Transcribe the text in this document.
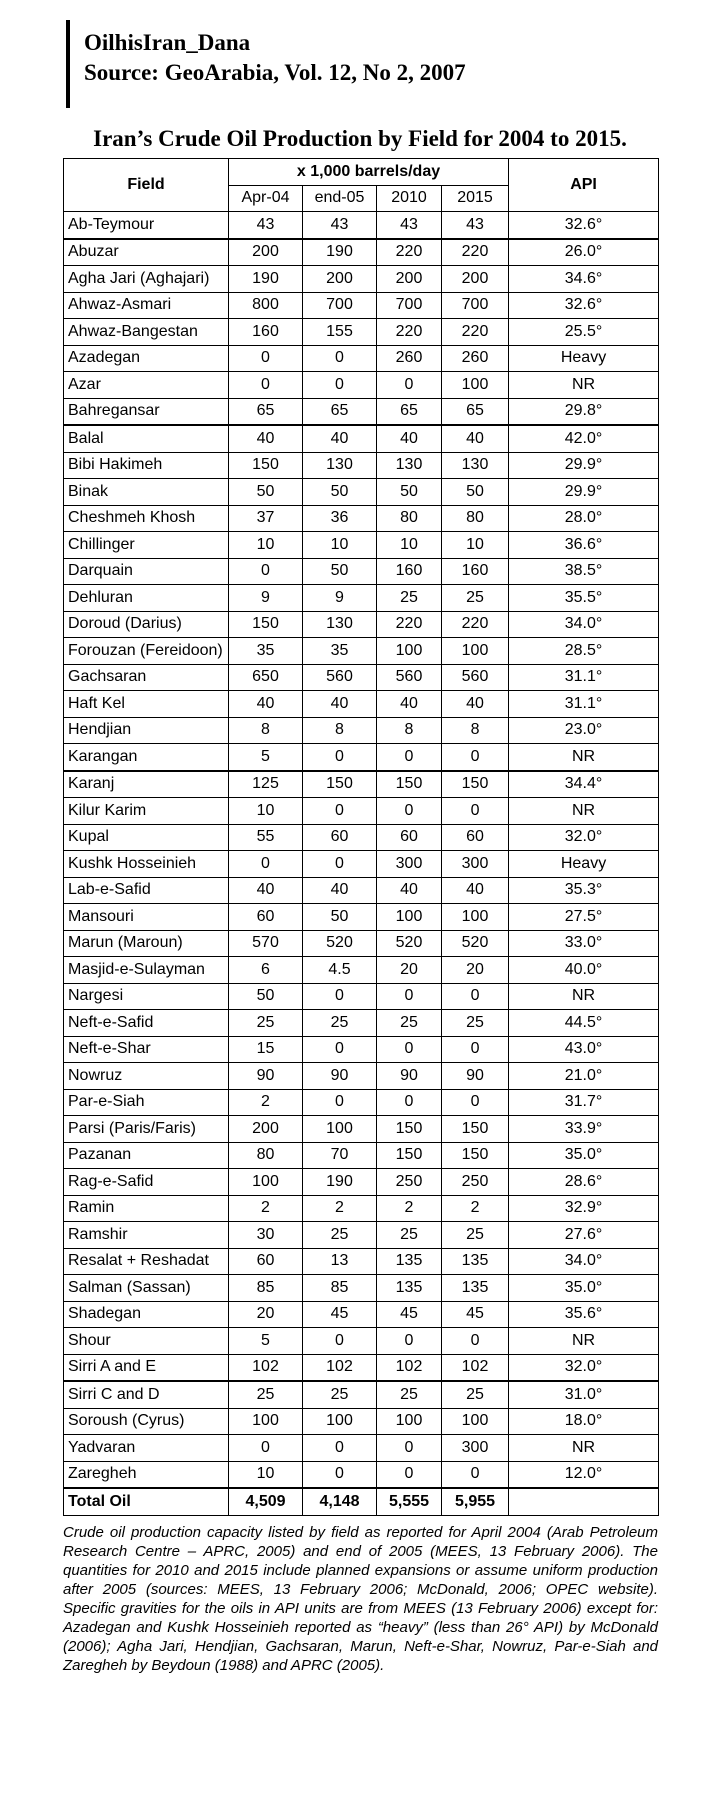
OilhisIran_Dana
Source: GeoArabia, Vol. 12, No 2, 2007
Iran’s Crude Oil Production by Field for 2004 to 2015.
Field	x 1,000 barrels/day				API
	Apr-04	end-05	2010	2015	
Ab-Teymour	43	43	43	43	32.6°
Abuzar	200	190	220	220	26.0°
Agha Jari (Aghajari)	190	200	200	200	34.6°
Ahwaz-Asmari	800	700	700	700	32.6°
Ahwaz-Bangestan	160	155	220	220	25.5°
Azadegan	0	0	260	260	Heavy
Azar	0	0	0	100	NR
Bahregansar	65	65	65	65	29.8°
Balal	40	40	40	40	42.0°
Bibi Hakimeh	150	130	130	130	29.9°
Binak	50	50	50	50	29.9°
Cheshmeh Khosh	37	36	80	80	28.0°
Chillinger	10	10	10	10	36.6°
Darquain	0	50	160	160	38.5°
Dehluran	9	9	25	25	35.5°
Doroud (Darius)	150	130	220	220	34.0°
Forouzan (Fereidoon)	35	35	100	100	28.5°
Gachsaran	650	560	560	560	31.1°
Haft Kel	40	40	40	40	31.1°
Hendjian	8	8	8	8	23.0°
Karangan	5	0	0	0	NR
Karanj	125	150	150	150	34.4°
Kilur Karim	10	0	0	0	NR
Kupal	55	60	60	60	32.0°
Kushk Hosseinieh	0	0	300	300	Heavy
Lab-e-Safid	40	40	40	40	35.3°
Mansouri	60	50	100	100	27.5°
Marun (Maroun)	570	520	520	520	33.0°
Masjid-e-Sulayman	6	4.5	20	20	40.0°
Nargesi	50	0	0	0	NR
Neft-e-Safid	25	25	25	25	44.5°
Neft-e-Shar	15	0	0	0	43.0°
Nowruz	90	90	90	90	21.0°
Par-e-Siah	2	0	0	0	31.7°
Parsi (Paris/Faris)	200	100	150	150	33.9°
Pazanan	80	70	150	150	35.0°
Rag-e-Safid	100	190	250	250	28.6°
Ramin	2	2	2	2	32.9°
Ramshir	30	25	25	25	27.6°
Resalat + Reshadat	60	13	135	135	34.0°
Salman (Sassan)	85	85	135	135	35.0°
Shadegan	20	45	45	45	35.6°
Shour	5	0	0	0	NR
Sirri A and E	102	102	102	102	32.0°
Sirri C and D	25	25	25	25	31.0°
Soroush (Cyrus)	100	100	100	100	18.0°
Yadvaran	0	0	0	300	NR
Zaregheh	10	0	0	0	12.0°
Total Oil	4,509	4,148	5,555	5,955	
Crude oil production capacity listed by field as reported for April 2004 (Arab Petroleum Research Centre – APRC, 2005) and end of 2005 (MEES, 13 February 2006). The quantities for 2010 and 2015 include planned expansions or assume uniform production after 2005 (sources: MEES, 13 February 2006; McDonald, 2006; OPEC website). Specific gravities for the oils in API units are from MEES (13 February 2006) except for: Azadegan and Kushk Hosseinieh reported as “heavy” (less than 26° API) by McDonald (2006); Agha Jari, Hendjian, Gachsaran, Marun, Neft-e-Shar, Nowruz, Par-e-Siah and Zaregheh by Beydoun (1988) and APRC (2005).
